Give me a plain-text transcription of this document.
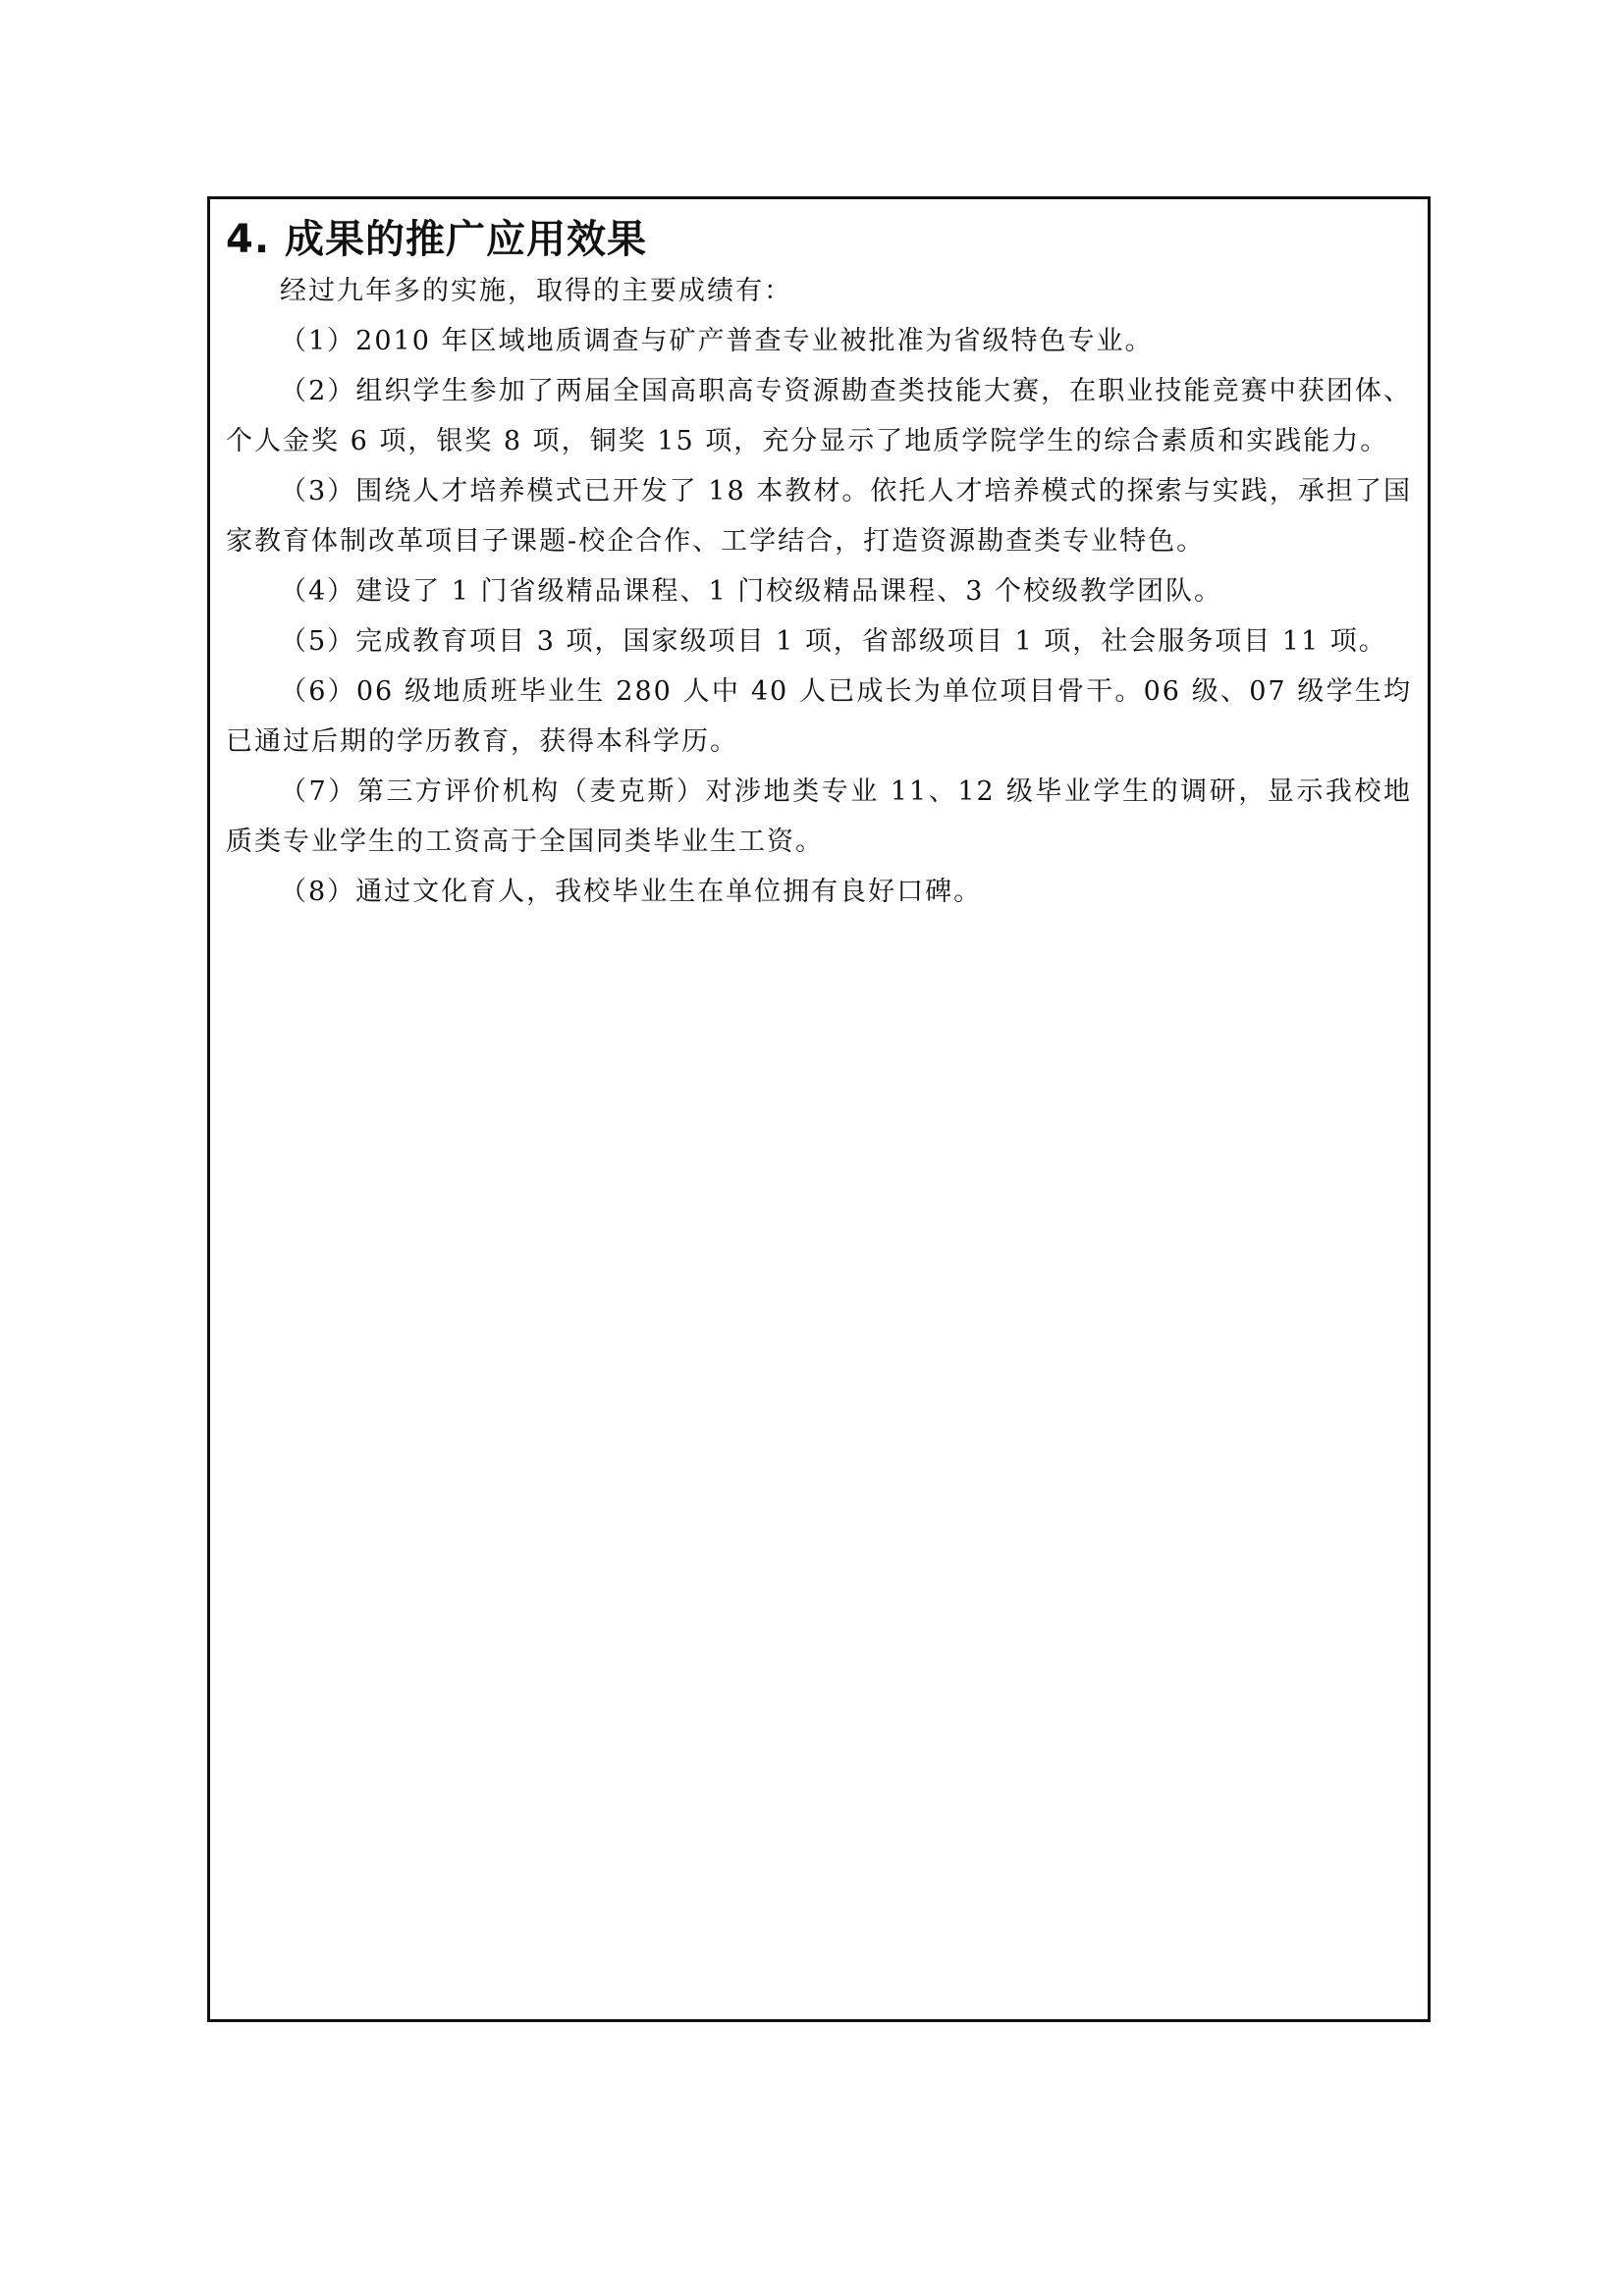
4. 成果的推广应用效果

经过九年多的实施，取得的主要成绩有：

（1）2010 年区域地质调查与矿产普查专业被批准为省级特色专业。

（2）组织学生参加了两届全国高职高专资源勘查类技能大赛，在职业技能竞赛中获团体、个人金奖 6 项，银奖 8 项，铜奖 15 项，充分显示了地质学院学生的综合素质和实践能力。

（3）围绕人才培养模式已开发了 18 本教材。依托人才培养模式的探索与实践，承担了国家教育体制改革项目子课题-校企合作、工学结合，打造资源勘查类专业特色。

（4）建设了 1 门省级精品课程、1 门校级精品课程、3 个校级教学团队。

（5）完成教育项目 3 项，国家级项目 1 项，省部级项目 1 项，社会服务项目 11 项。

（6）06 级地质班毕业生 280 人中 40 人已成长为单位项目骨干。06 级、07 级学生均已通过后期的学历教育，获得本科学历。

（7）第三方评价机构（麦克斯）对涉地类专业 11、12 级毕业学生的调研，显示我校地质类专业学生的工资高于全国同类毕业生工资。

（8）通过文化育人，我校毕业生在单位拥有良好口碑。
